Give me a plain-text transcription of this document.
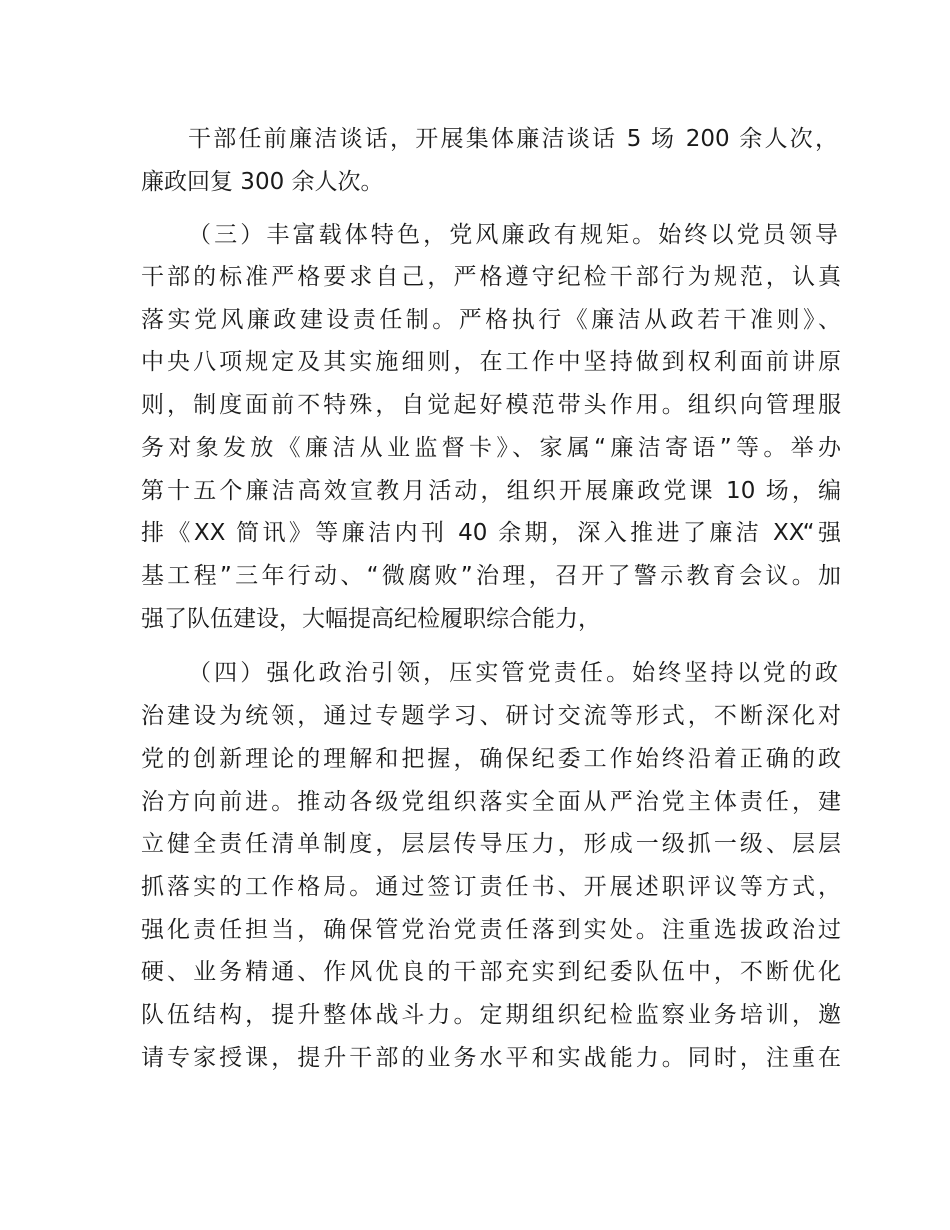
干部任前廉洁谈话，开展集体廉洁谈话 5 场 200 余人次，
廉政回复 300 余人次。
（三）丰富载体特色，党风廉政有规矩。始终以党员领导
干部的标准严格要求自己，严格遵守纪检干部行为规范，认真
落实党风廉政建设责任制。严格执行《廉洁从政若干准则》、
中央八项规定及其实施细则，在工作中坚持做到权利面前讲原
则，制度面前不特殊，自觉起好模范带头作用。组织向管理服
务对象发放《廉洁从业监督卡》、家属“廉洁寄语”等。举办
第十五个廉洁高效宣教月活动，组织开展廉政党课 10 场，编
排《XX 简讯》等廉洁内刊 40 余期，深入推进了廉洁 XX“强
基工程”三年行动、“微腐败”治理，召开了警示教育会议。加
强了队伍建设，大幅提高纪检履职综合能力，
（四）强化政治引领，压实管党责任。始终坚持以党的政
治建设为统领，通过专题学习、研讨交流等形式，不断深化对
党的创新理论的理解和把握，确保纪委工作始终沿着正确的政
治方向前进。推动各级党组织落实全面从严治党主体责任，建
立健全责任清单制度，层层传导压力，形成一级抓一级、层层
抓落实的工作格局。通过签订责任书、开展述职评议等方式，
强化责任担当，确保管党治党责任落到实处。注重选拔政治过
硬、业务精通、作风优良的干部充实到纪委队伍中，不断优化
队伍结构，提升整体战斗力。定期组织纪检监察业务培训，邀
请专家授课，提升干部的业务水平和实战能力。同时，注重在
